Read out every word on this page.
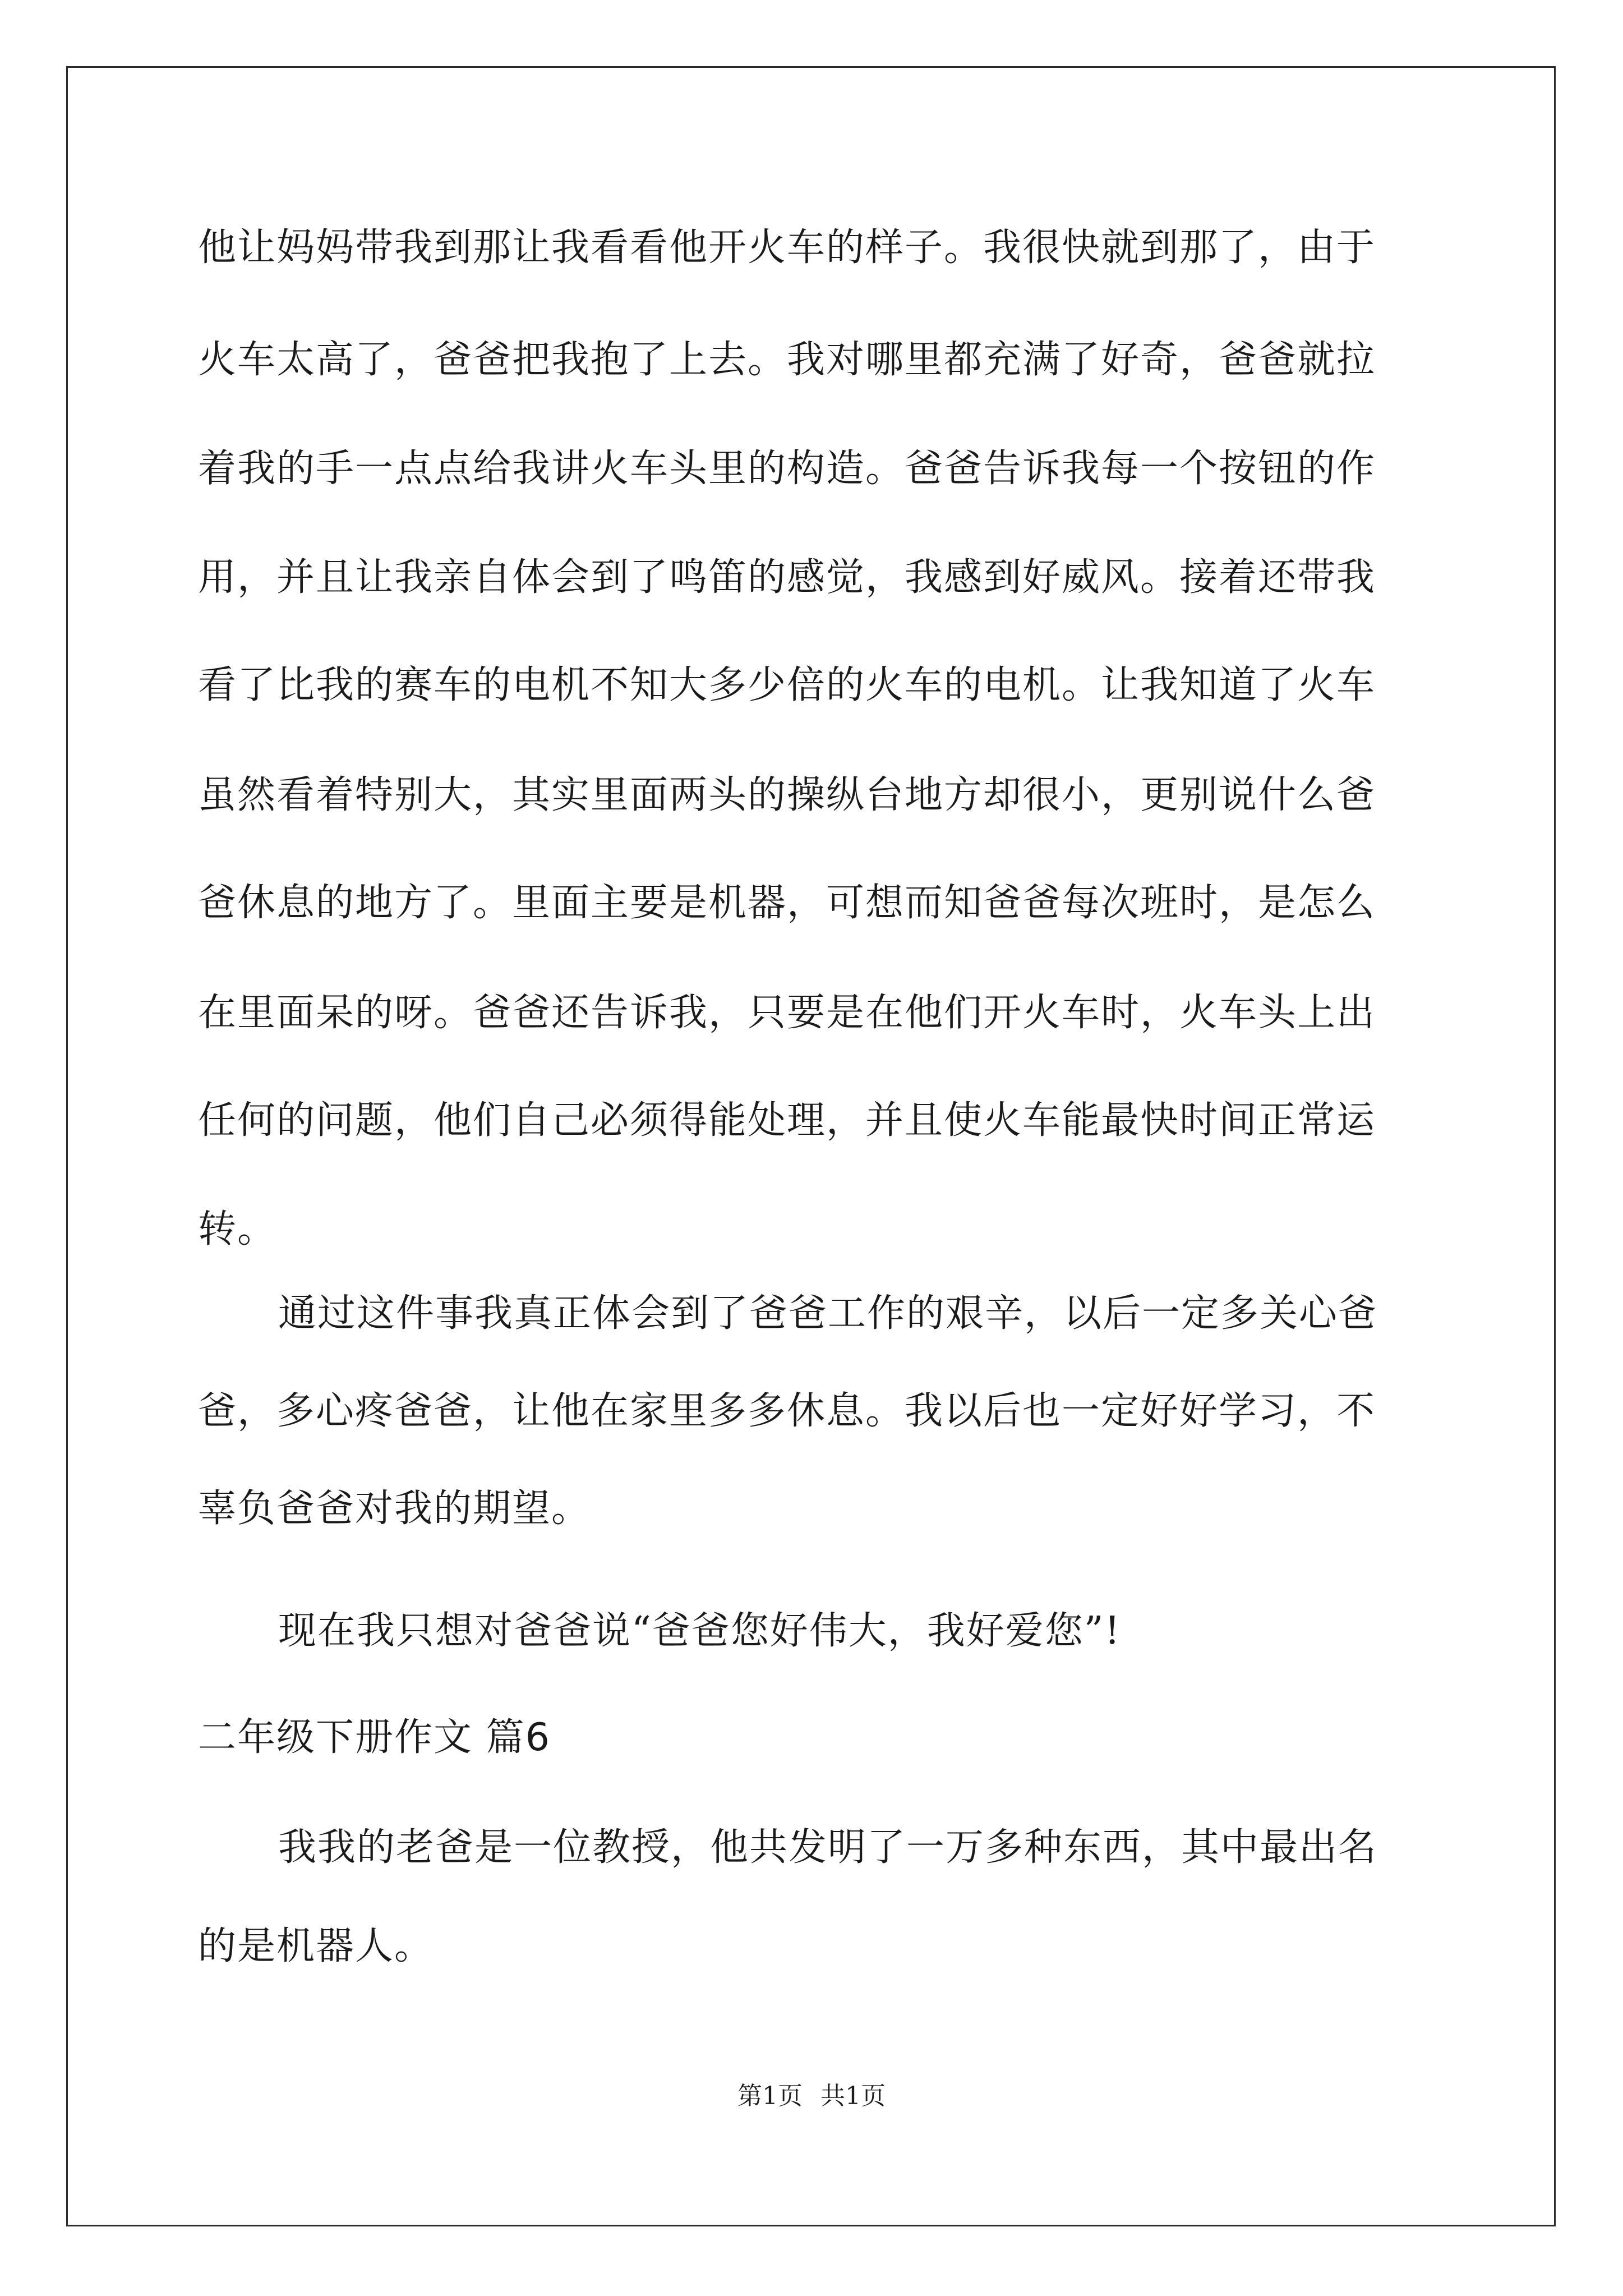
他让妈妈带我到那让我看看他开火车的样子。我很快就到那了，由于
火车太高了，爸爸把我抱了上去。我对哪里都充满了好奇，爸爸就拉
着我的手一点点给我讲火车头里的构造。爸爸告诉我每一个按钮的作
用，并且让我亲自体会到了鸣笛的感觉，我感到好威风。接着还带我
看了比我的赛车的电机不知大多少倍的火车的电机。让我知道了火车
虽然看着特别大，其实里面两头的操纵台地方却很小，更别说什么爸
爸休息的地方了。里面主要是机器，可想而知爸爸每次班时，是怎么
在里面呆的呀。爸爸还告诉我，只要是在他们开火车时，火车头上出
任何的问题，他们自己必须得能处理，并且使火车能最快时间正常运
转。
通过这件事我真正体会到了爸爸工作的艰辛，以后一定多关心爸
爸，多心疼爸爸，让他在家里多多休息。我以后也一定好好学习，不
辜负爸爸对我的期望。
现在我只想对爸爸说“爸爸您好伟大，我好爱您”!
二年级下册作文 篇6
我我的老爸是一位教授，他共发明了一万多种东西，其中最出名
的是机器人。
第1页 共1页
